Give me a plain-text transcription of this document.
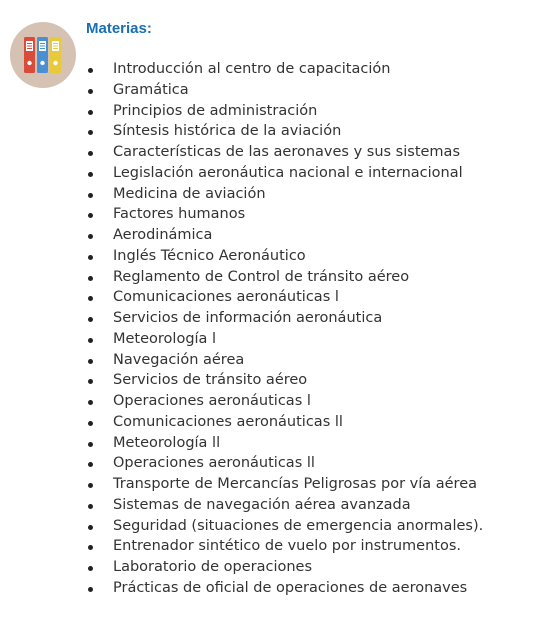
Materias:
Introducción al centro de capacitación
Gramática
Principios de administración
Síntesis histórica de la aviación
Características de las aeronaves y sus sistemas
Legislación aeronáutica nacional e internacional
Medicina de aviación
Factores humanos
Aerodinámica
Inglés Técnico Aeronáutico
Reglamento de Control de tránsito aéreo
Comunicaciones aeronáuticas l
Servicios de información aeronáutica
Meteorología l
Navegación aérea
Servicios de tránsito aéreo
Operaciones aeronáuticas l
Comunicaciones aeronáuticas ll
Meteorología ll
Operaciones aeronáuticas ll
Transporte de Mercancías Peligrosas por vía aérea
Sistemas de navegación aérea avanzada
Seguridad (situaciones de emergencia anormales).
Entrenador sintético de vuelo por instrumentos.
Laboratorio de operaciones
Prácticas de oficial de operaciones de aeronaves
